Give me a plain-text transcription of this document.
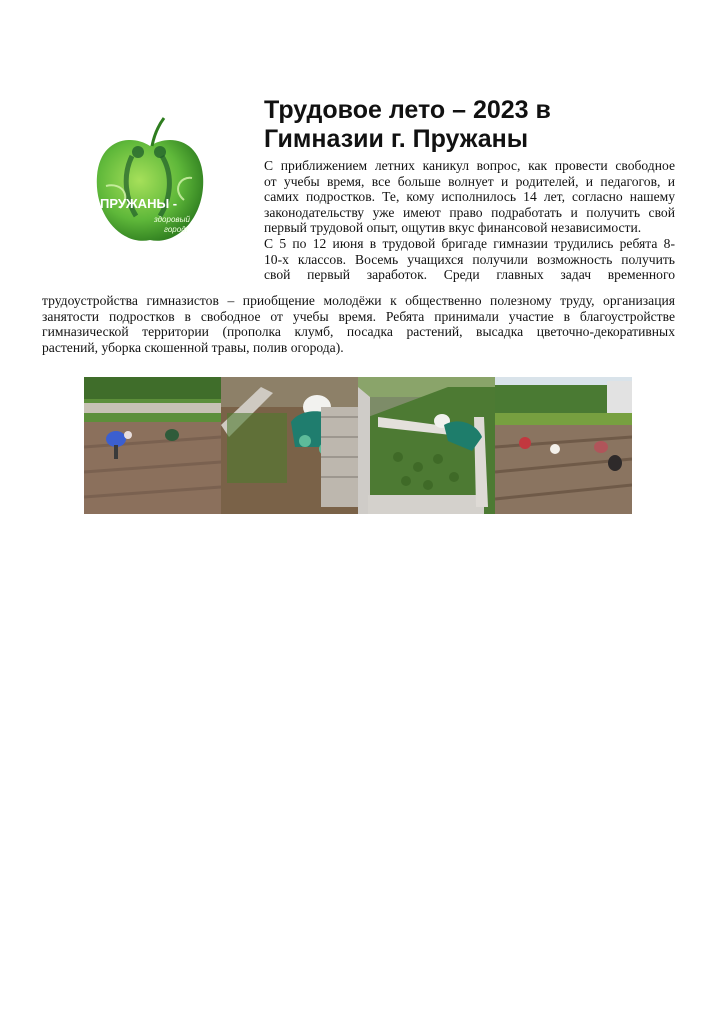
ПРУЖАНЫ -
здоровый
город!
Трудовое лето – 2023 в
Гимназии г. Пружаны
С приближением летних каникул вопрос, как провести свободное
от учебы время, все больше волнует и родителей, и педагогов, и
самих подростков. Те, кому исполнилось 14 лет, согласно нашему
законодательству уже имеют право подработать и получить свой
первый трудовой опыт, ощутив вкус финансовой независимости.
С 5 по 12 июня в трудовой бригаде гимназии трудились ребята 8-
10-х классов. Восемь учащихся получили возможность получить
свой первый заработок. Среди главных задач временного
трудоустройства гимназистов – приобщение молодёжи к общественно полезному труду, организация
занятости подростков в свободное от учебы время. Ребята принимали участие в благоустройстве
гимназической территории (прополка клумб, посадка растений, высадка цветочно-декоративных
растений, уборка скошенной травы, полив огорода).
